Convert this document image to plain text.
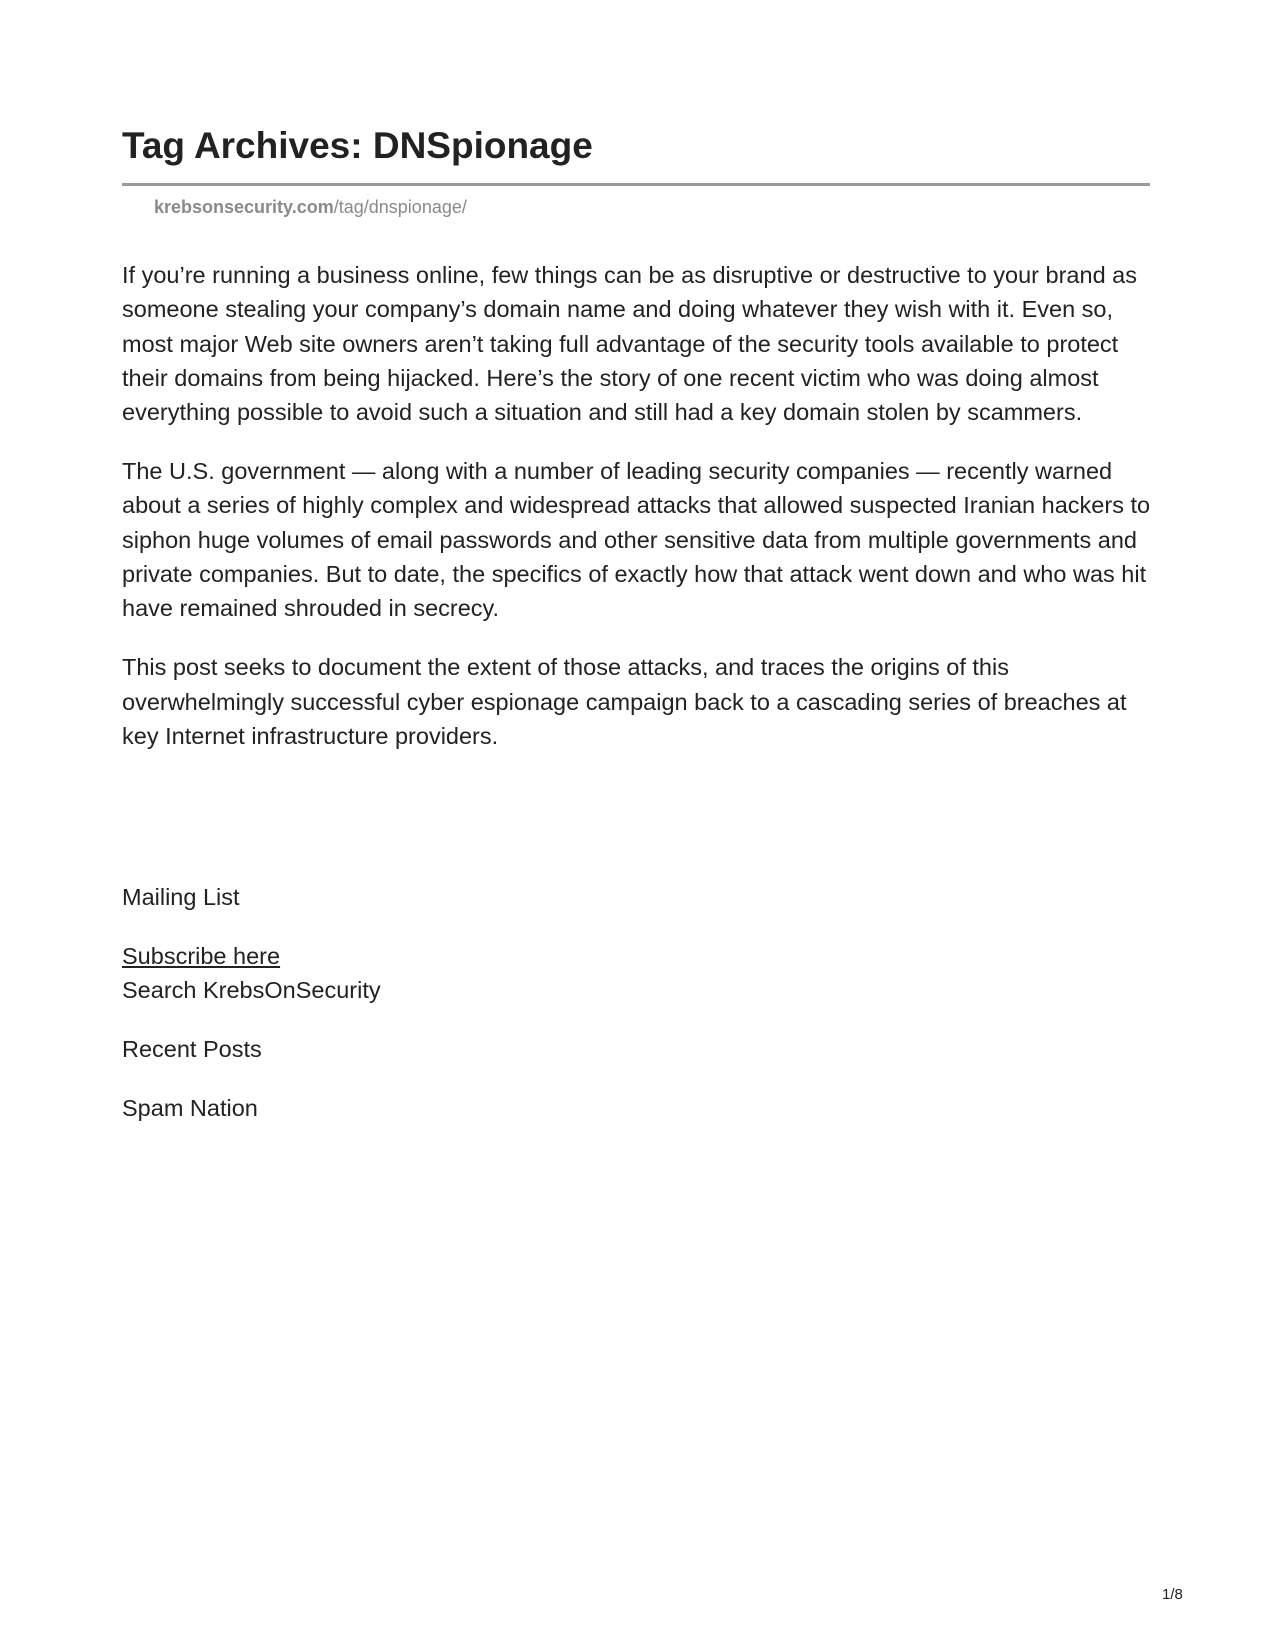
Tag Archives: DNSpionage
krebsonsecurity.com/tag/dnspionage/

If you’re running a business online, few things can be as disruptive or destructive to your brand as someone stealing your company’s domain name and doing whatever they wish with it. Even so, most major Web site owners aren’t taking full advantage of the security tools available to protect their domains from being hijacked. Here’s the story of one recent victim who was doing almost everything possible to avoid such a situation and still had a key domain stolen by scammers.

The U.S. government — along with a number of leading security companies — recently warned about a series of highly complex and widespread attacks that allowed suspected Iranian hackers to siphon huge volumes of email passwords and other sensitive data from multiple governments and private companies. But to date, the specifics of exactly how that attack went down and who was hit have remained shrouded in secrecy.

This post seeks to document the extent of those attacks, and traces the origins of this overwhelmingly successful cyber espionage campaign back to a cascading series of breaches at key Internet infrastructure providers.

Mailing List
Subscribe here
Search KrebsOnSecurity
Recent Posts
Spam Nation
1/8
